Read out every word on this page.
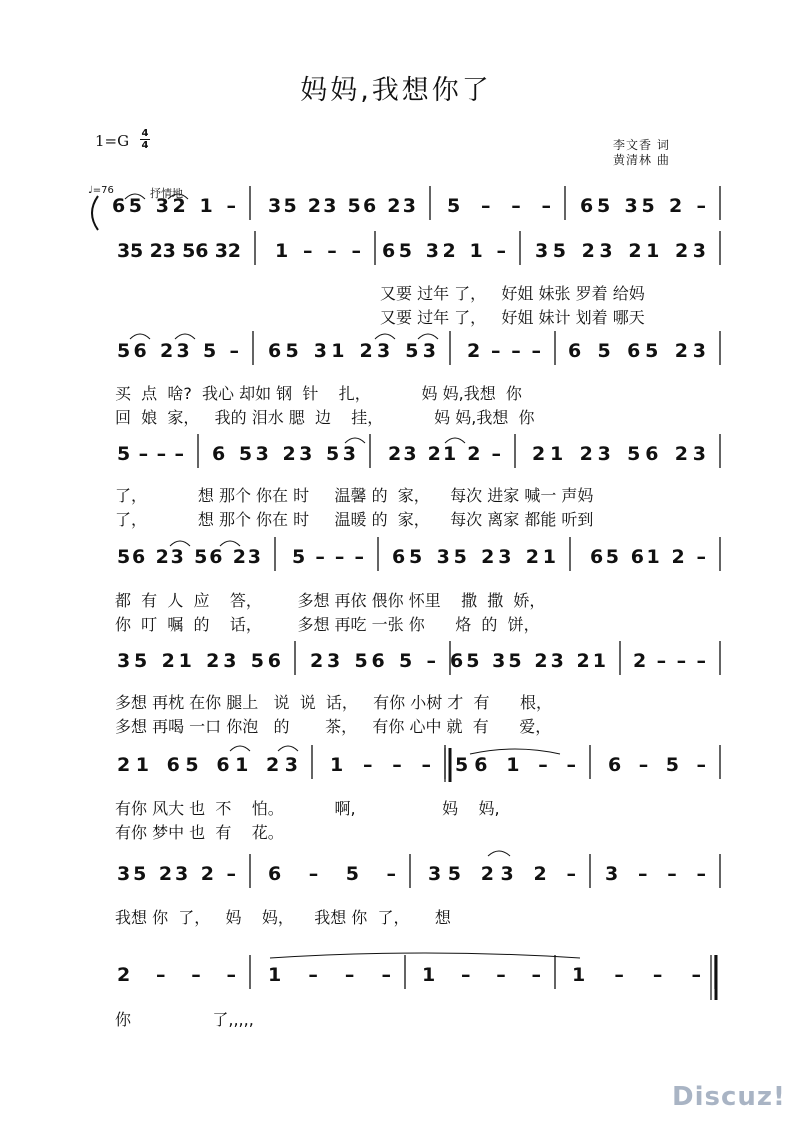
妈妈,我想你了
1=G 4
4	李文香 词
黄清林 曲
♩=76	抒情地
65 32 1 – 35 23 56 23 5 – – – 65 35 2 –
35 23 56 32 1 – – – 65 32 1 – 35 23 21 23
56 23 5 – 65 31 23 53 2 – – – 6 5 65 23
5 – – – 6 53 23 53 23 21 2 – 21 23 56 23
56 23 56 23 5 – – – 65 35 23 21 65 61 2 –
35 21 23 56 23 56 5 – 65 35 23 21 2 – – –
21 65 61 23 1 – – – 56 1 – – 6 – 5 –
35 23 2 – 6 – 5 – 35 23 2 – 3 – – –
2 – – – 1 – – – 1 – – – 1 – – –
又要 过年 了，   好姐 妹张 罗着 给妈
又要 过年 了，   好姐 妹计 划着 哪天
买  点  啥?  我心 却如 钢  针    扎，          妈 妈,我想  你
回  娘  家，   我的 泪水 腮  边    挂，          妈 妈,我想  你
了，          想 那个 你在 时     温馨 的  家，    每次 进家 喊一 声妈
了，          想 那个 你在 时     温暖 的  家，    每次 离家 都能 听到
都  有  人  应    答，       多想 再依 偎你 怀里    撒  撒  娇，
你  叮  嘱  的    话，       多想 再吃 一张 你      烙  的  饼，
多想 再枕 在你 腿上   说  说  话，   有你 小树 才  有      根，
多想 再喝 一口 你泡   的       茶，   有你 心中 就  有      爱，
有你 风大 也  不    怕。          啊,                 妈    妈,
有你 梦中 也  有    花。
我想 你  了，   妈    妈，    我想 你  了，     想
你                了,,,,,
Discuz!
